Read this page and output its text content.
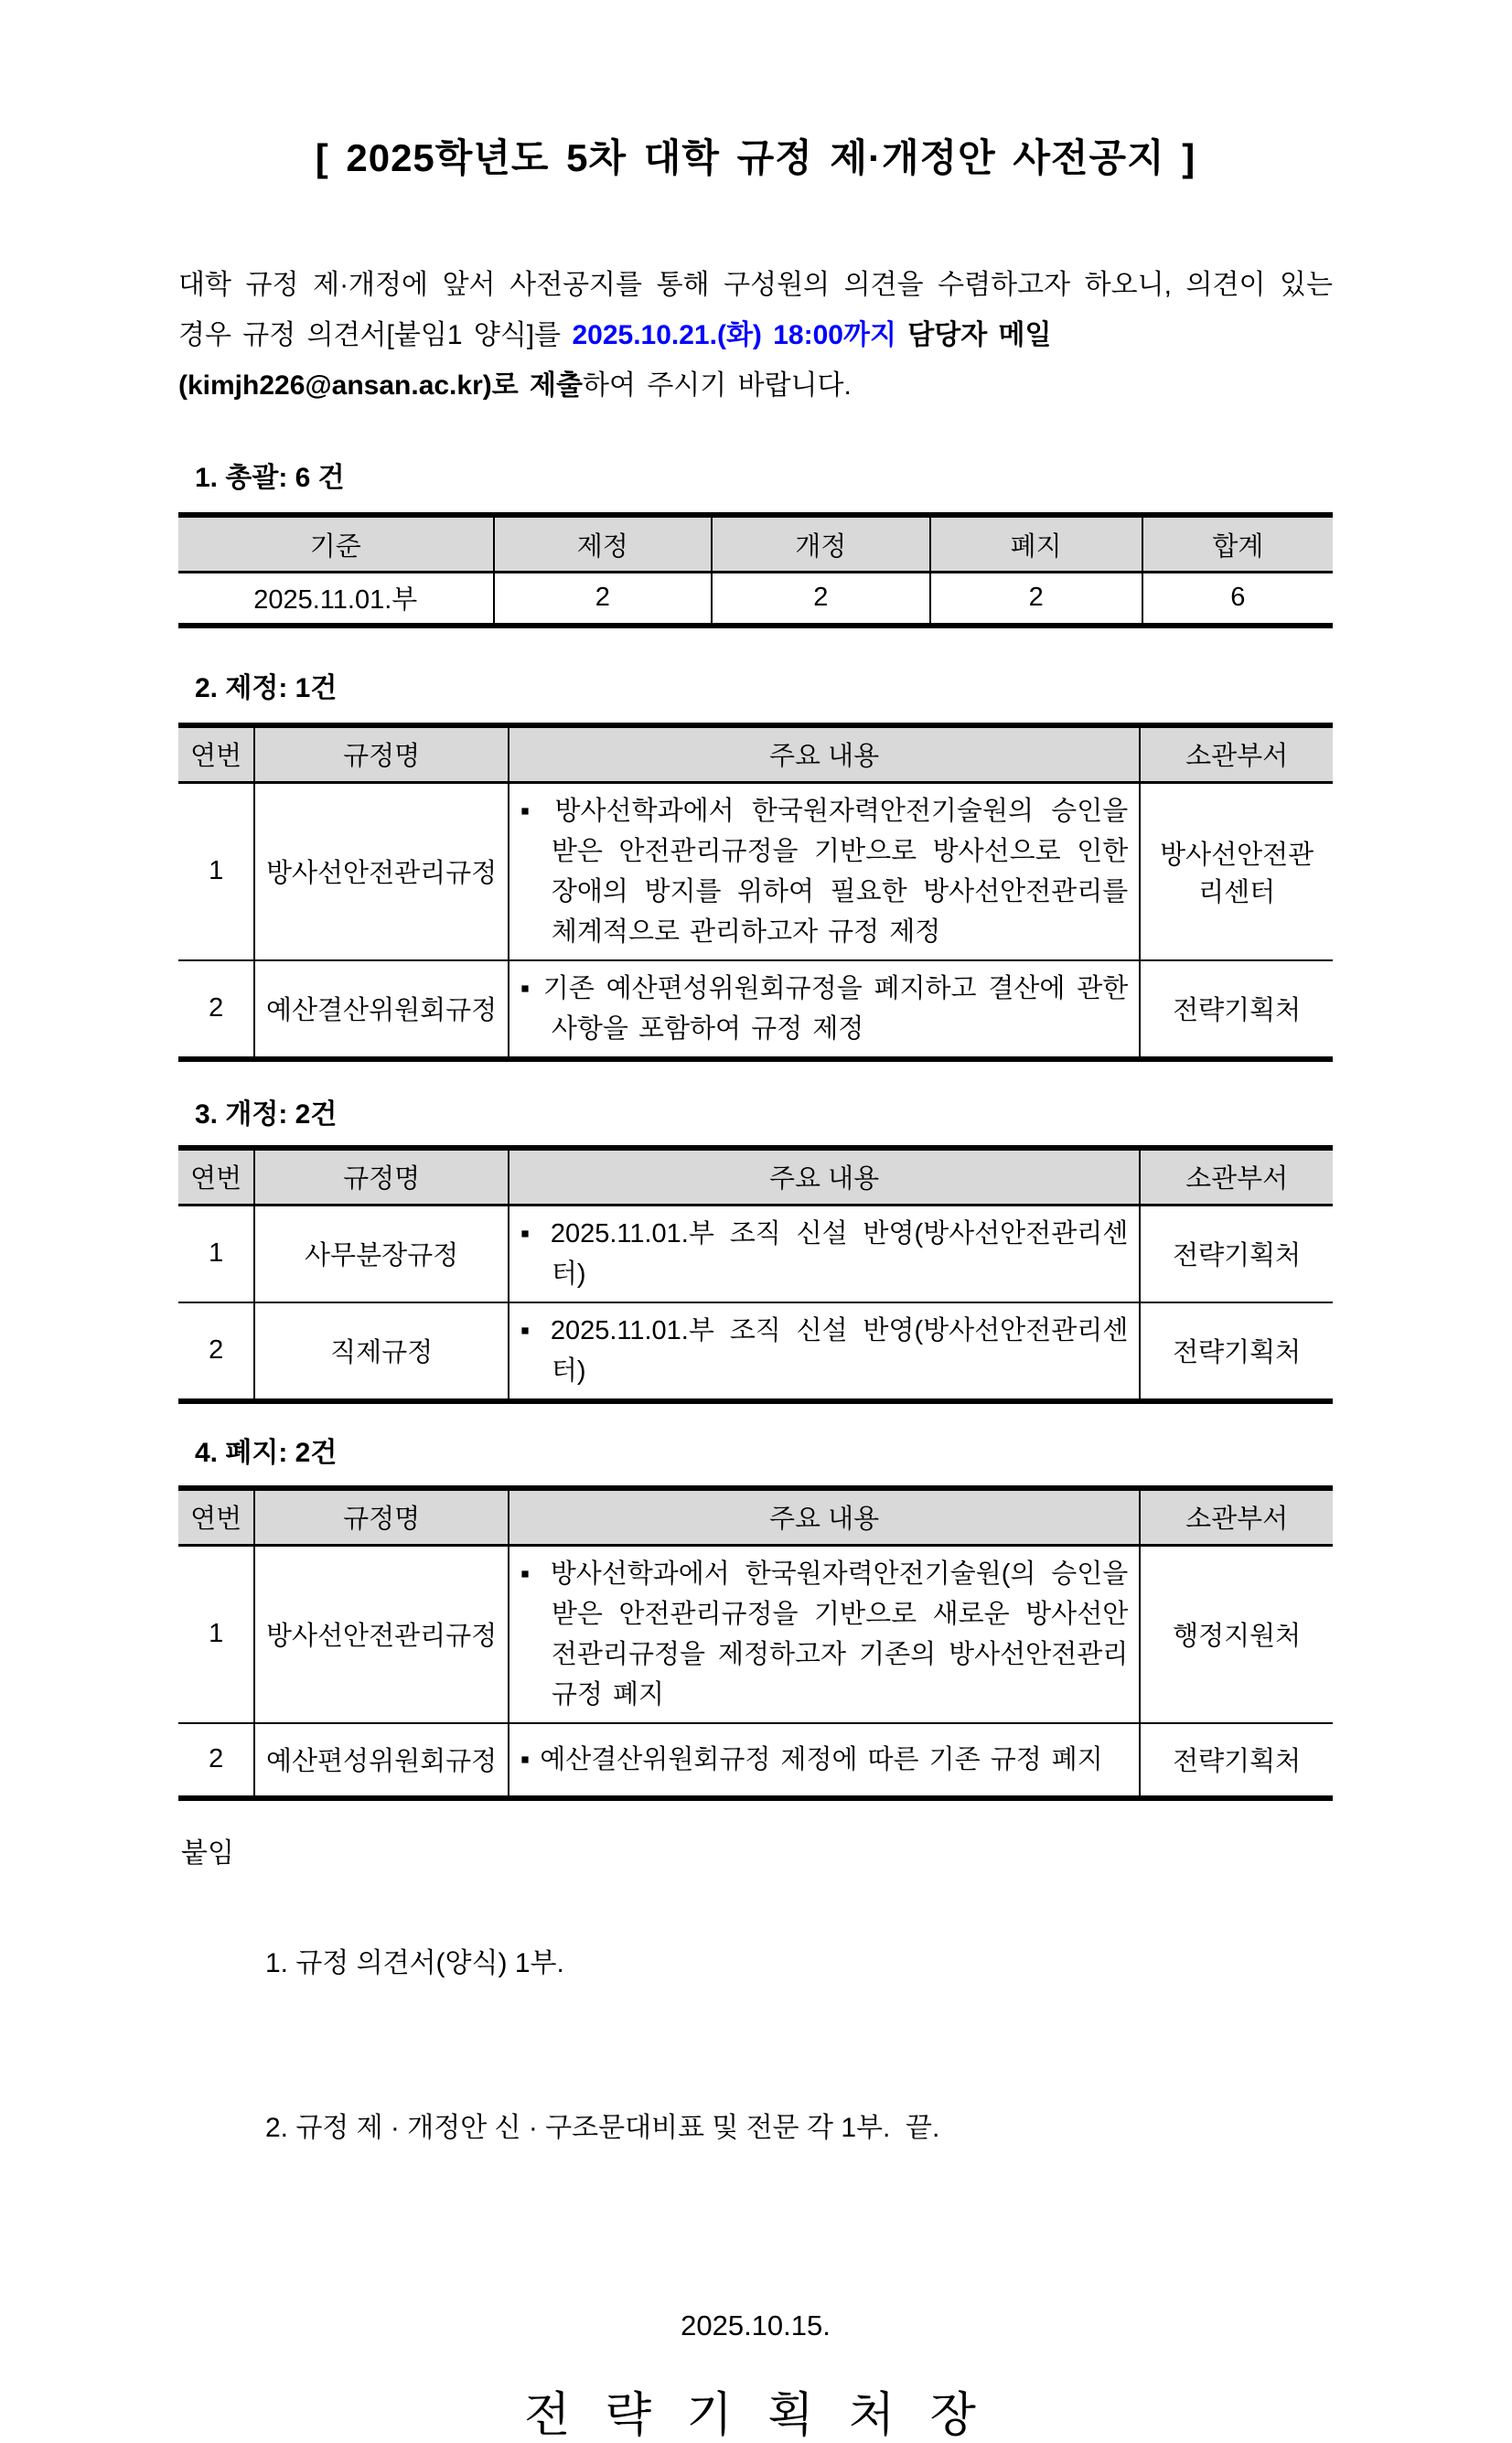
[ 2025학년도 5차 대학 규정 제·개정안 사전공지 ]
대학 규정 제·개정에 앞서 사전공지를 통해 구성원의 의견을 수렴하고자 하오니, 의견이 있는
경우 규정 의견서[붙임1 양식]를 2025.10.21.(화) 18:00까지 담당자 메일
(kimjh226@ansan.ac.kr)로 제출하여 주시기 바랍니다.
1. 총괄: 6 건
기준	제정	개정	폐지	합계
2025.11.01.부	2	2	2	6
2. 제정: 1건
연번	규정명	주요 내용	소관부서
1	방사선안전관리규정	▪ 방사선학과에서 한국원자력안전기술원의 승인을 받은 안전관리규정을 기반으로 방사선으로 인한 장애의 방지를 위하여 필요한 방사선안전관리를 체계적으로 관리하고자 규정 제정	방사선안전관리센터
2	예산결산위원회규정	▪ 기존 예산편성위원회규정을 폐지하고 결산에 관한 사항을 포함하여 규정 제정	전략기획처
3. 개정: 2건
연번	규정명	주요 내용	소관부서
1	사무분장규정	▪ 2025.11.01.부 조직 신설 반영(방사선안전관리센터)	전략기획처
2	직제규정	▪ 2025.11.01.부 조직 신설 반영(방사선안전관리센터)	전략기획처
4. 폐지: 2건
연번	규정명	주요 내용	소관부서
1	방사선안전관리규정	▪ 방사선학과에서 한국원자력안전기술원(의 승인을 받은 안전관리규정을 기반으로 새로운 방사선안전관리규정을 제정하고자 기존의 방사선안전관리규정 폐지	행정지원처
2	예산편성위원회규정	▪ 예산결산위원회규정 제정에 따른 기존 규정 폐지	전략기획처
붙임

1. 규정 의견서(양식) 1부.

2. 규정 제 · 개정안 신 · 구조문대비표 및 전문 각 1부.  끝.

2025.10.15.
전 략 기 획 처 장
